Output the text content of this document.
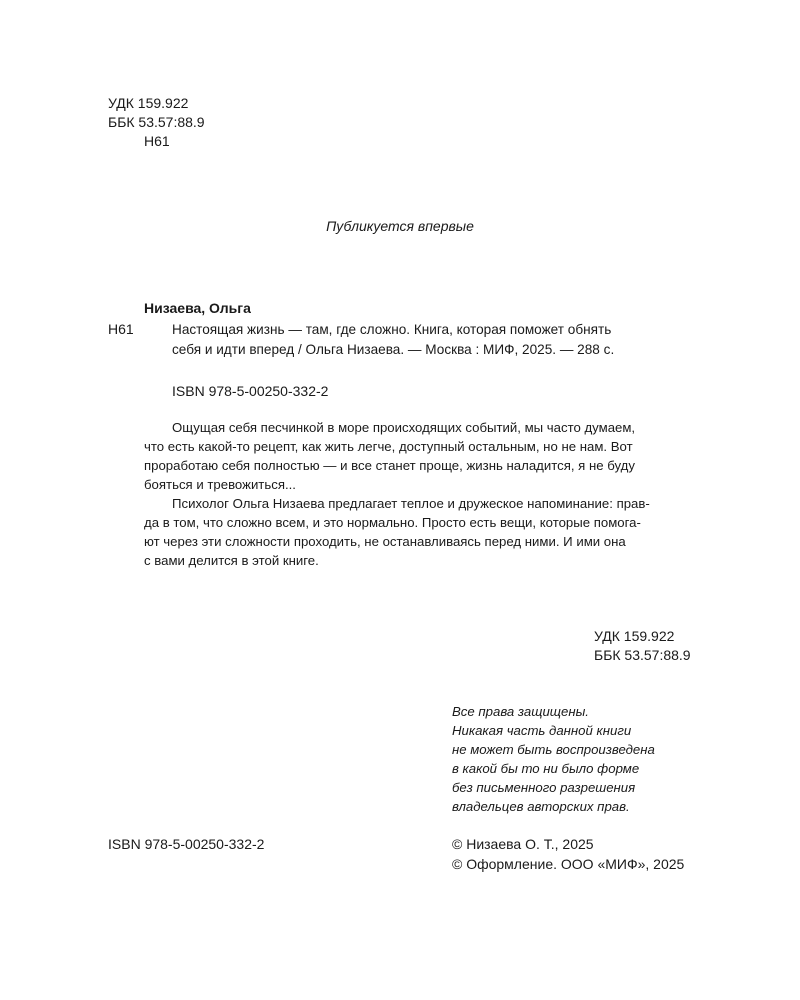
УДК 159.922
ББК 53.57:88.9
Н61
Публикуется впервые
Низаева, Ольга
Н61	Настоящая жизнь — там, где сложно. Книга, которая поможет обнять
себя и идти вперед / Ольга Низаева. — Москва : МИФ, 2025. — 288 с.
ISBN 978-5-00250-332-2
Ощущая себя песчинкой в море происходящих событий, мы часто думаем,
что есть какой-то рецепт, как жить легче, доступный остальным, но не нам. Вот
проработаю себя полностью — и все станет проще, жизнь наладится, я не буду
бояться и тревожиться...
Психолог Ольга Низаева предлагает теплое и дружеское напоминание: прав-
да в том, что сложно всем, и это нормально. Просто есть вещи, которые помога-
ют через эти сложности проходить, не останавливаясь перед ними. И ими она
с вами делится в этой книге.
УДК 159.922
ББК 53.57:88.9
Все права защищены.
Никакая часть данной книги
не может быть воспроизведена
в какой бы то ни было форме
без письменного разрешения
владельцев авторских прав.
ISBN 978-5-00250-332-2	© Низаева О. Т., 2025
© Оформление. ООО «МИФ», 2025
